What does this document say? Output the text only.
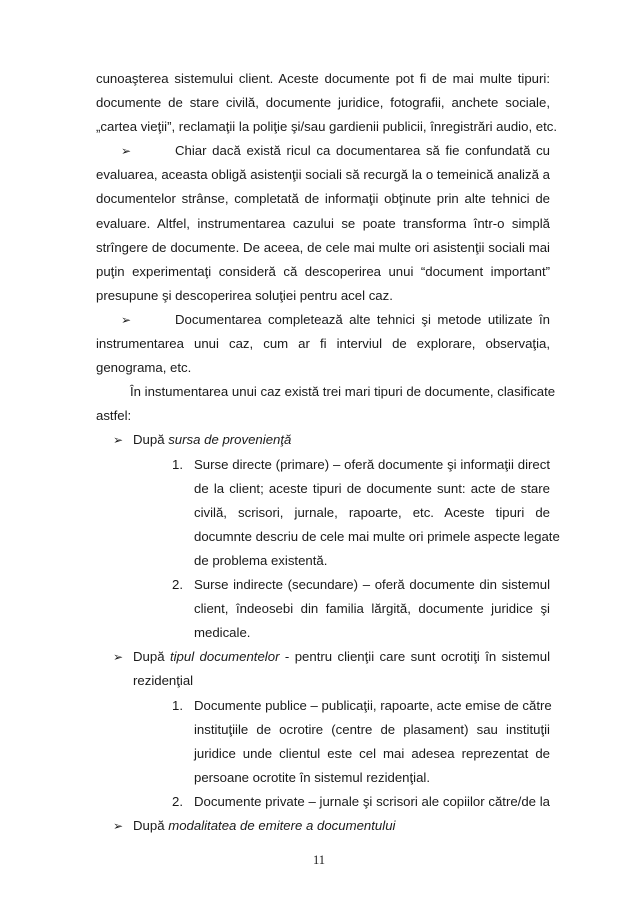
cunoaşterea sistemului client. Aceste documente pot fi de mai multe tipuri:
documente de stare civilă, documente juridice, fotografii, anchete sociale,
„cartea vieţii”, reclamaţii la poliţie şi/sau gardienii publicii, înregistrări audio, etc.
➢	Chiar dacă există ricul ca documentarea să fie confundată cu
evaluarea, aceasta obligă asistenţii sociali să recurgă la o temeinică analiză a
documentelor strânse, completată de informaţii obţinute prin alte tehnici de
evaluare. Altfel, instrumentarea cazului se poate transforma într-o simplă
strîngere de documente. De aceea, de cele mai multe ori asistenţii sociali mai
puţin experimentaţi consideră că descoperirea unui “document important”
presupune şi descoperirea soluţiei pentru acel caz.
➢	Documentarea completează alte tehnici şi metode utilizate în
instrumentarea unui caz, cum ar fi interviul de explorare, observaţia,
genograma, etc.
În instumentarea unui caz există trei mari tipuri de documente, clasificate
astfel:
➢ După sursa de provenienţă
1. Surse directe (primare) – oferă documente şi informaţii direct
de la client; aceste tipuri de documente sunt: acte de stare
civilă, scrisori, jurnale, rapoarte, etc. Aceste tipuri de
documnte descriu de cele mai multe ori primele aspecte legate
de problema existentă.
2. Surse indirecte (secundare) – oferă documente din sistemul
client, îndeosebi din familia lărgită, documente juridice şi
medicale.
➢ După tipul documentelor - pentru clienţii care sunt ocrotiţi în sistemul
rezidenţial
1. Documente publice – publicaţii, rapoarte, acte emise de către
instituţiile de ocrotire (centre de plasament) sau instituţii
juridice unde clientul este cel mai adesea reprezentat de
persoane ocrotite în sistemul rezidenţial.
2. Documente private – jurnale şi scrisori ale copiilor către/de la
➢ După modalitatea de emitere a documentului
11
